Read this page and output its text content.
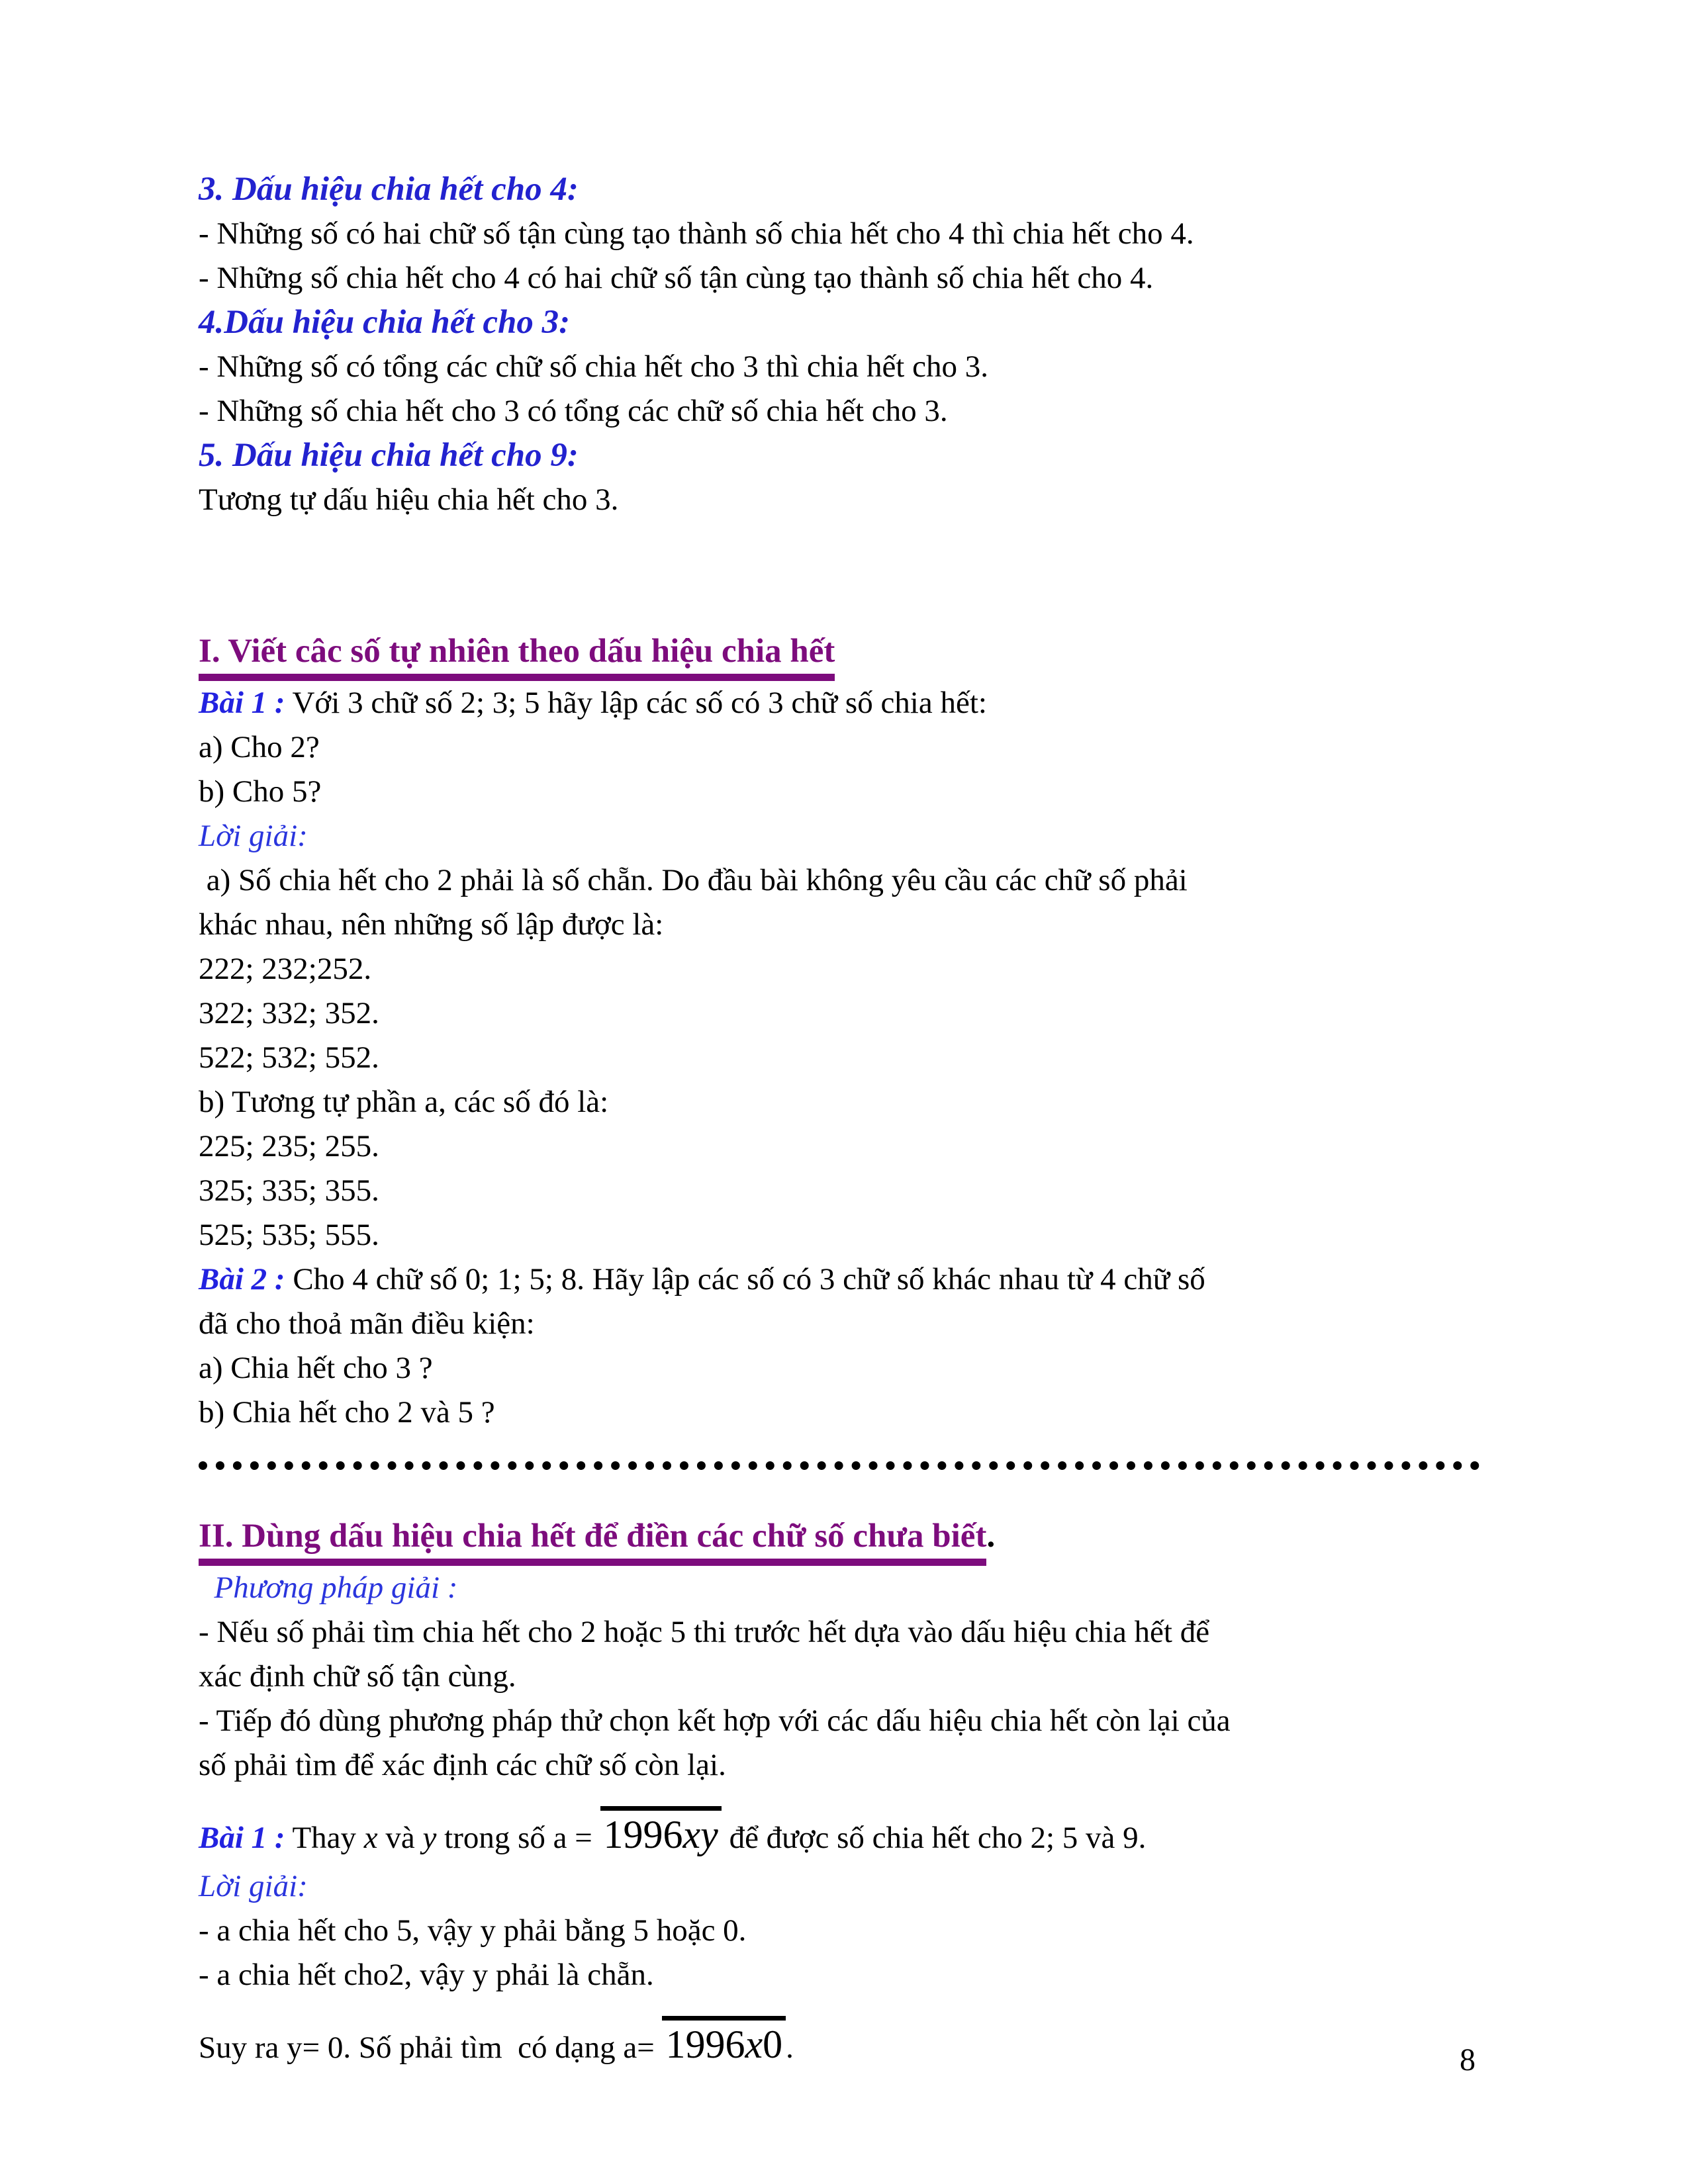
3. Dấu hiệu chia hết cho 4:
- Những số có hai chữ số tận cùng tạo thành số chia hết cho 4 thì chia hết cho 4.
- Những số chia hết cho 4 có hai chữ số tận cùng tạo thành số chia hết cho 4.
4.Dấu hiệu chia hết cho 3:
- Những số có tổng các chữ số chia hết cho 3 thì chia hết cho 3.
- Những số chia hết cho 3 có tổng các chữ số chia hết cho 3.
5. Dấu hiệu chia hết cho 9:
Tương tự dấu hiệu chia hết cho 3.
I. Viết câc số tự nhiên theo dấu hiệu chia hết
Bài 1 : Với 3 chữ số 2; 3; 5 hãy lập các số có 3 chữ số chia hết:
a) Cho 2?
b) Cho 5?
Lời giải:
a) Số chia hết cho 2 phải là số chẵn. Do đầu bài không yêu cầu các chữ số phải
khác nhau, nên những số lập được là:
222; 232;252.
322; 332; 352.
522; 532; 552.
b) Tương tự phần a, các số đó là:
225; 235; 255.
325; 335; 355.
525; 535; 555.
Bài 2 : Cho 4 chữ số 0; 1; 5; 8. Hãy lập các số có 3 chữ số khác nhau từ 4 chữ số
đã cho thoả mãn điều kiện:
a) Chia hết cho 3 ?
b) Chia hết cho 2 và 5 ?
II. Dùng dấu hiệu chia hết để điền các chữ số chưa biết.
Phương pháp giải :
- Nếu số phải tìm chia hết cho 2 hoặc 5 thi trước hết dựa vào dấu hiệu chia hết để
xác định chữ số tận cùng.
- Tiếp đó dùng phương pháp thử chọn kết hợp với các dấu hiệu chia hết còn lại của
số phải tìm để xác định các chữ số còn lại.
Bài 1 : Thay x và y trong số a = 1996xy để được số chia hết cho 2; 5 và 9.
Lời giải:
- a chia hết cho 5, vậy y phải bằng 5 hoặc 0.
- a chia hết cho2, vậy y phải là chẵn.
Suy ra y= 0. Số phải tìm  có dạng a= 1996x0 .	8
